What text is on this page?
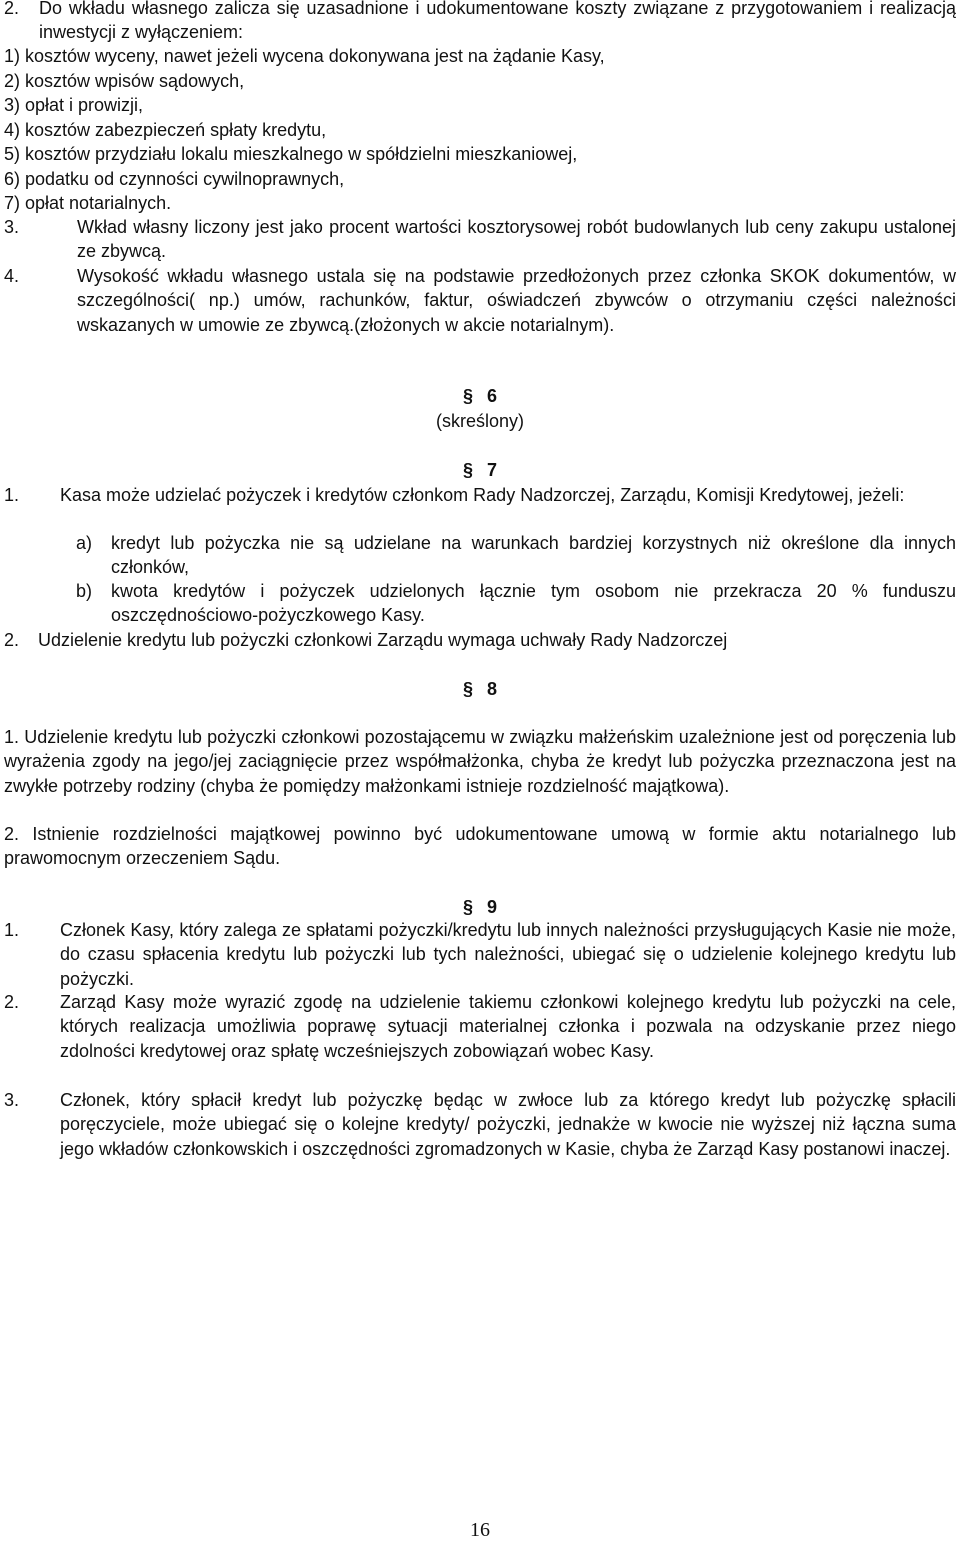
2. Do wkładu własnego zalicza się uzasadnione i udokumentowane koszty związane z przygotowaniem i realizacją inwestycji z wyłączeniem:
1) kosztów wyceny, nawet jeżeli wycena dokonywana jest na żądanie Kasy,
2) kosztów wpisów sądowych,
3) opłat i prowizji,
4) kosztów zabezpieczeń spłaty kredytu,
5) kosztów przydziału lokalu mieszkalnego w spółdzielni mieszkaniowej,
6) podatku od czynności cywilnoprawnych,
7) opłat notarialnych.
3.	Wkład własny liczony jest jako procent wartości kosztorysowej robót budowlanych lub ceny zakupu ustalonej ze zbywcą.
4.	Wysokość wkładu własnego ustala się na podstawie przedłożonych przez członka SKOK dokumentów, w szczególności( np.) umów, rachunków, faktur, oświadczeń zbywców o otrzymaniu części należności wskazanych w umowie ze zbywcą.(złożonych w akcie notarialnym).
§ 6
(skreślony)
§ 7
1. Kasa może udzielać pożyczek i kredytów członkom Rady Nadzorczej, Zarządu, Komisji Kredytowej, jeżeli:
a) kredyt lub pożyczka nie są udzielane na warunkach bardziej korzystnych niż określone dla innych członków,
b) kwota kredytów i pożyczek udzielonych łącznie tym osobom nie przekracza 20 % funduszu oszczędnościowo-pożyczkowego Kasy.
2. Udzielenie kredytu lub pożyczki członkowi Zarządu wymaga uchwały Rady Nadzorczej
§ 8
1. Udzielenie kredytu lub pożyczki członkowi pozostającemu w związku małżeńskim uzależnione jest od poręczenia lub wyrażenia zgody na jego/jej zaciągnięcie przez współmałżonka, chyba że kredyt lub pożyczka przeznaczona jest na zwykłe potrzeby rodziny (chyba że pomiędzy małżonkami istnieje rozdzielność majątkowa).
2. Istnienie rozdzielności majątkowej powinno być udokumentowane umową w formie aktu notarialnego lub prawomocnym orzeczeniem Sądu.
§ 9
1. Członek Kasy, który zalega ze spłatami pożyczki/kredytu lub innych należności przysługujących Kasie nie może, do czasu spłacenia kredytu lub pożyczki lub tych należności, ubiegać się o udzielenie kolejnego kredytu lub pożyczki.
2. Zarząd Kasy może wyrazić zgodę na udzielenie takiemu członkowi kolejnego kredytu lub pożyczki na cele, których realizacja umożliwia poprawę sytuacji materialnej członka i pozwala na odzyskanie przez niego zdolności kredytowej oraz spłatę wcześniejszych zobowiązań wobec Kasy.
3. Członek, który spłacił kredyt lub pożyczkę będąc w zwłoce lub za którego kredyt lub pożyczkę spłacili poręczyciele, może ubiegać się o kolejne kredyty/ pożyczki, jednakże w kwocie nie wyższej niż łączna suma jego wkładów członkowskich i oszczędności zgromadzonych w Kasie, chyba że Zarząd Kasy postanowi inaczej.
16
